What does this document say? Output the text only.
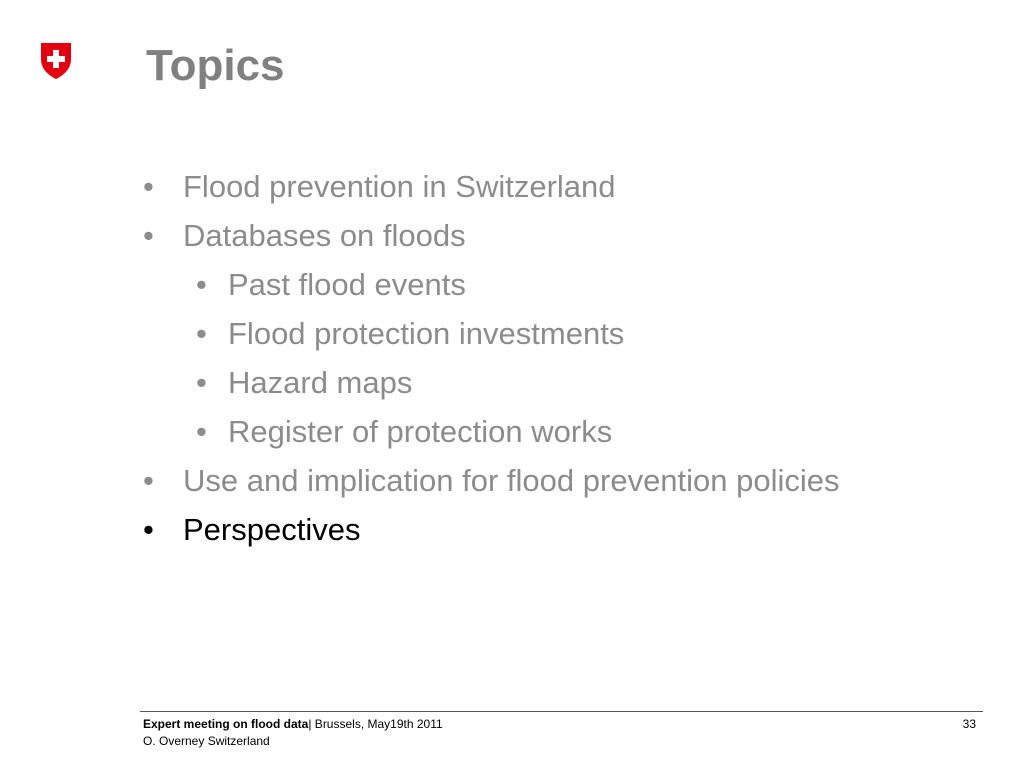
Topics
• Flood prevention in Switzerland
• Databases on floods
• Past flood events
• Flood protection investments
• Hazard maps
• Register of protection works
• Use and implication for flood prevention policies
• Perspectives
Expert meeting on flood data| Brussels, May19th 2011
O. Overney Switzerland
33
